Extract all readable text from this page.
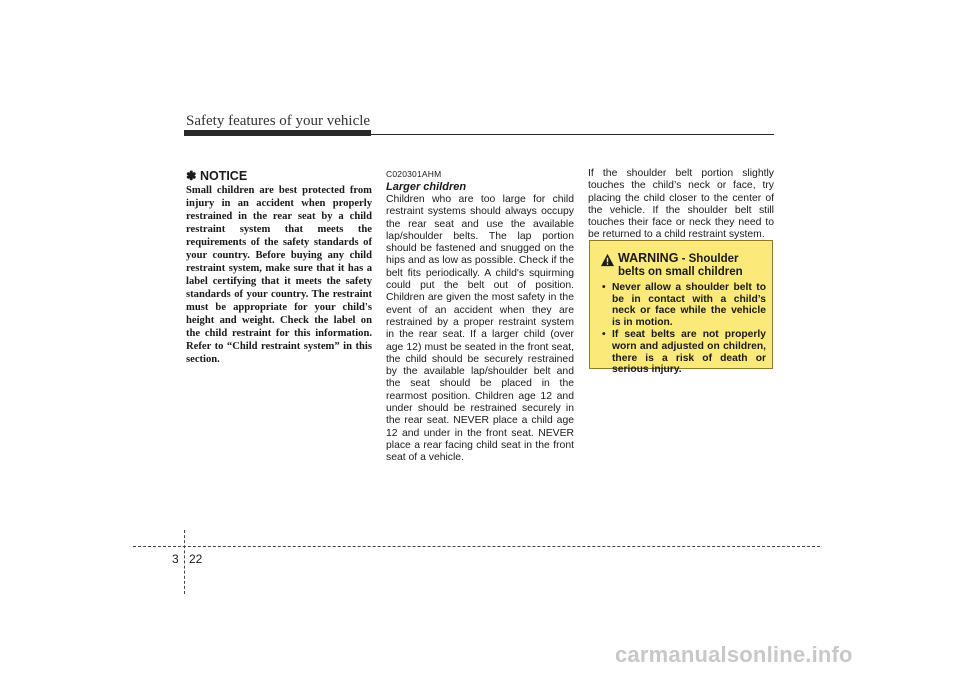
Safety features of your vehicle

✽ NOTICE

Small children are best protected from injury in an accident when properly restrained in the rear seat by a child restraint system that meets the requirements of the safety standards of your country. Before buying any child restraint system, make sure that it has a label certifying that it meets the safety standards of your country. The restraint must be appropriate for your child's height and weight. Check the label on the child restraint for this information. Refer to “Child restraint system” in this section.

C020301AHM
Larger children

Children who are too large for child restraint systems should always occupy the rear seat and use the available lap/shoulder belts. The lap portion should be fastened and snugged on the hips and as low as possible. Check if the belt fits periodically. A child's squirming could put the belt out of position. Children are given the most safety in the event of an accident when they are restrained by a proper restraint system in the rear seat. If a larger child (over age 12) must be seated in the front seat, the child should be securely restrained by the available lap/shoulder belt and the seat should be placed in the rearmost position. Children age 12 and under should be restrained securely in the rear seat. NEVER place a child age 12 and under in the front seat. NEVER place a rear facing child seat in the front seat of a vehicle.

If the shoulder belt portion slightly touches the child’s neck or face, try placing the child closer to the center of the vehicle. If the shoulder belt still touches their face or neck they need to be returned to a child restraint system.

WARNING - Shoulder belts on small children
• Never allow a shoulder belt to be in contact with a child’s neck or face while the vehicle is in motion.
• If seat belts are not properly worn and adjusted on children, there is a risk of death or serious injury.
3 22
carmanualsonline.info
